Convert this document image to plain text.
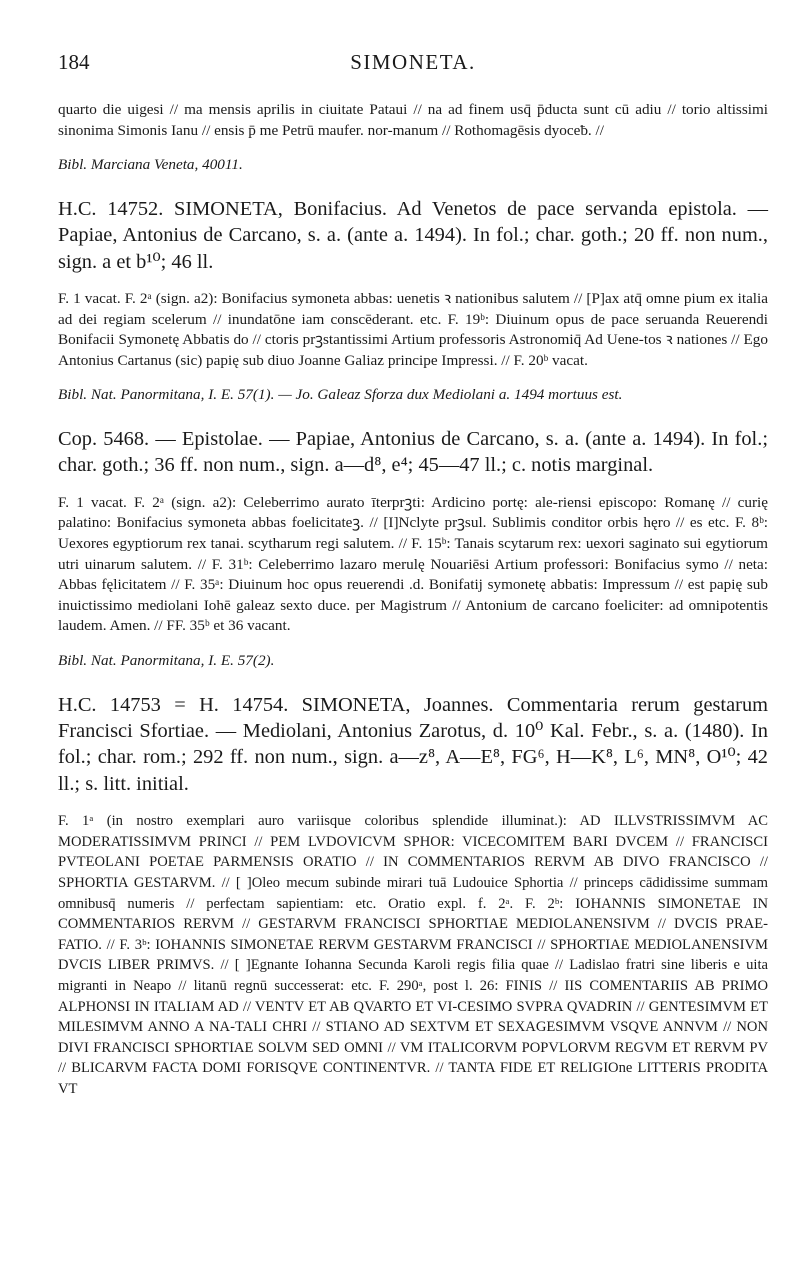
184	SIMONETA.

quarto die uigesi // ma mensis aprilis in ciuitate Pataui // na ad finem usq̄ p̄ducta sunt cū adiu // torio altissimi sinonima Simonis Ianu // ensis p̄ me Petrū maufer. nor-manum // Rothomagēsis dyoceƀ. //

Bibl. Marciana Veneta, 40011.

H.C. 14752. SIMONETA, Bonifacius. Ad Venetos de pace servanda epistola. — Papiae, Antonius de Carcano, s. a. (ante a. 1494). In fol.; char. goth.; 20 ff. non num., sign. a et b¹⁰; 46 ll.

F. 1 vacat. F. 2ᵃ (sign. a2): Bonifacius symoneta abbas: uenetis ꝛ nationibus salutem // [P]ax atq̄ omne pium ex italia ad dei regiam scelerum // inundatōne iam conscēderant. etc. F. 19ᵇ: Diuinum opus de pace seruanda Reuerendi Bonifacii Symonetę Abbatis do // ctoris prꝫstantissimi Artium professoris Astronomiq̄ Ad Uene-tos ꝛ nationes // Ego Antonius Cartanus (sic) papię sub diuo Joanne Galiaz principe Impressi. // F. 20ᵇ vacat.

Bibl. Nat. Panormitana, I. E. 57(1). — Jo. Galeaz Sforza dux Mediolani a. 1494 mortuus est.

Cop. 5468. — Epistolae. — Papiae, Antonius de Carcano, s. a. (ante a. 1494). In fol.; char. goth.; 36 ff. non num., sign. a—d⁸, e⁴; 45—47 ll.; c. notis marginal.

F. 1 vacat. F. 2ᵃ (sign. a2): Celeberrimo aurato īterprꝫti: Ardicino portę: ale-riensi episcopo: Romanę // curię palatino: Bonifacius symoneta abbas foelicitateꝫ. // [I]Nclyte prꝫsul. Sublimis conditor orbis hęro // es etc. F. 8ᵇ: Uexores egyptiorum rex tanai. scytharum regi salutem. // F. 15ᵇ: Tanais scytarum rex: uexori saginato sui egytiorum utri uinarum salutem. // F. 31ᵇ: Celeberrimo lazaro merulę Nouariēsi Artium professori: Bonifacius symo // neta: Abbas fęlicitatem // F. 35ᵃ: Diuinum hoc opus reuerendi .d. Bonifatij symonetę abbatis: Impressum // est papię sub inuictissimo mediolani Iohē galeaz sexto duce. per Magistrum // Antonium de carcano foeliciter: ad omnipotentis laudem. Amen. // FF. 35ᵇ et 36 vacant.

Bibl. Nat. Panormitana, I. E. 57(2).

H.C. 14753 = H. 14754. SIMONETA, Joannes. Commentaria rerum gestarum Francisci Sfortiae. — Mediolani, Antonius Zarotus, d. 10⁰ Kal. Febr., s. a. (1480). In fol.; char. rom.; 292 ff. non num., sign. a—z⁸, A—E⁸, FG⁶, H—K⁸, L⁶, MN⁸, O¹⁰; 42 ll.; s. litt. initial.

F. 1ᵃ (in nostro exemplari auro variisque coloribus splendide illuminat.): AD ILLVSTRISSIMVM AC MODERATISSIMVM PRINCI // PEM LVDOVICVM SPHOR: VICECOMITEM BARI DVCEM // FRANCISCI PVTEOLANI POETAE PARMENSIS ORATIO // IN COMMENTARIOS RERVM AB DIVO FRANCISCO // SPHORTIA GESTARVM. // [ ]Oleo mecum subinde mirari tuā Ludouice Sphortia // princeps cādidissime summam omnibusq̄ numeris // perfectam sapientiam: etc. Oratio expl. f. 2ᵃ. F. 2ᵇ: IOHANNIS SIMONETAE IN COMMENTARIOS RERVM // GESTARVM FRANCISCI SPHORTIAE MEDIOLANENSIVM // DVCIS PRAE-FATIO. // F. 3ᵇ: IOHANNIS SIMONETAE RERVM GESTARVM FRANCISCI // SPHORTIAE MEDIOLANENSIVM DVCIS LIBER PRIMVS. // [ ]Egnante Iohanna Secunda Karoli regis filia quae // Ladislao fratri sine liberis e uita migranti in Neapo // litanū regnū successerat: etc. F. 290ᵃ, post l. 26: FINIS // IIS COMENTARIIS AB PRIMO ALPHONSI IN ITALIAM AD // VENTV ET AB QVARTO ET VI-CESIMO SVPRA QVADRIN // GENTESIMVM ET MILESIMVM ANNO A NA-TALI CHRI // STIANO AD SEXTVM ET SEXAGESIMVM VSQVE ANNVM // NON DIVI FRANCISCI SPHORTIAE SOLVM SED OMNI // VM ITALICORVM POPVLORVM REGVM ET RERVM PV // BLICARVM FACTA DOMI FORISQVE CONTINENTVR. // TANTA FIDE ET RELIGIOne LITTERIS PRODITA VT
